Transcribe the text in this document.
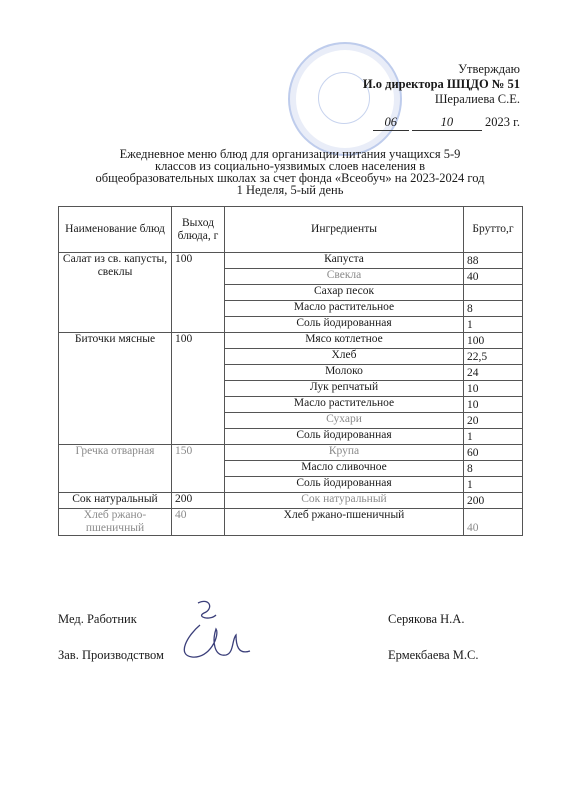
Утверждаю
И.о директора ШЦДО № 51
Шералиева С.Е.
06	10	2023 г.
Ежедневное меню блюд для организации питания учащихся 5-9
классов из социально-уязвимых слоев населения в
общеобразовательных школах за счет фонда «Всеобуч» на 2023-2024 год
1 Неделя, 5-ый день
Наименование блюд	Выход блюда, г	Ингредиенты	Брутто,г
Салат из св. капусты, свеклы	100	Капуста	88
		Свекла	40
		Сахар песок	
		Масло растительное	8
		Соль йодированная	1
Биточки мясные	100	Мясо котлетное	100
		Хлеб	22,5
		Молоко	24
		Лук репчатый	10
		Масло растительное	10
		Сухари	20
		Соль йодированная	1
Гречка отварная	150	Крупа	60
		Масло сливочное	8
		Соль йодированная	1
Сок натуральный	200	Сок натуральный	200
Хлеб ржано-пшеничный	40	Хлеб ржано-пшеничный	40
Мед. Работник	Серякова Н.А.
Зав. Производством	Ермекбаева М.С.
